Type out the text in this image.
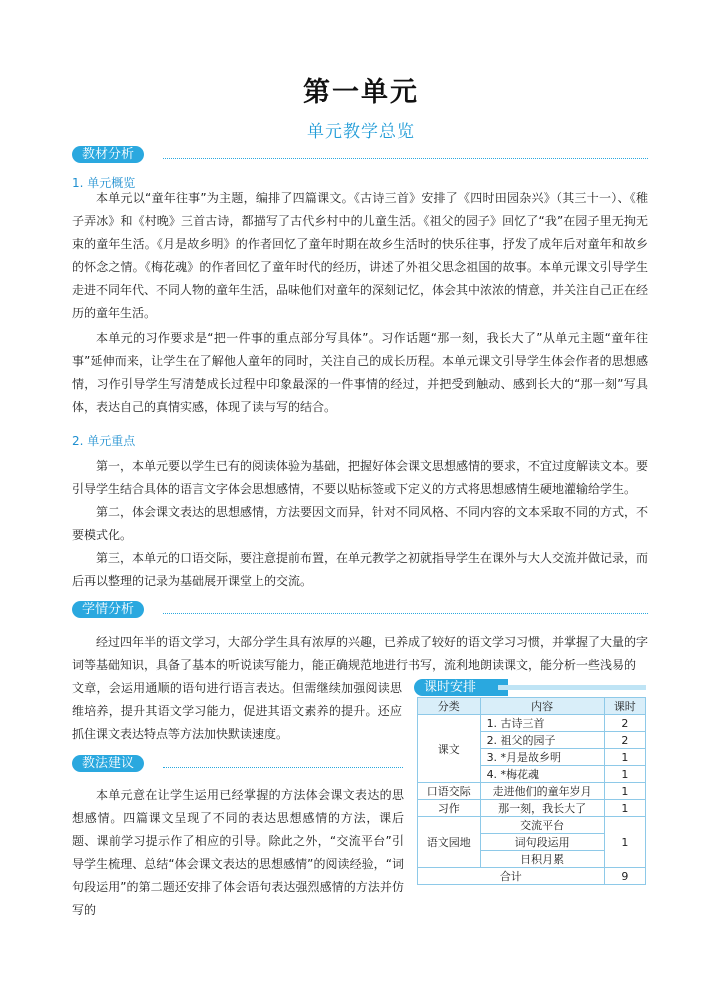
第一单元
单元教学总览
教材分析
1. 单元概览

本单元以“童年往事”为主题，编排了四篇课文。《古诗三首》安排了《四时田园杂兴》（其三十一）、《稚子弄冰》和《村晚》三首古诗，都描写了古代乡村中的儿童生活。《祖父的园子》回忆了“我”在园子里无拘无束的童年生活。《月是故乡明》的作者回忆了童年时期在故乡生活时的快乐往事，抒发了成年后对童年和故乡的怀念之情。《梅花魂》的作者回忆了童年时代的经历，讲述了外祖父思念祖国的故事。本单元课文引导学生走进不同年代、不同人物的童年生活，品味他们对童年的深刻记忆，体会其中浓浓的情意，并关注自己正在经历的童年生活。

本单元的习作要求是“把一件事的重点部分写具体”。习作话题“那一刻，我长大了”从单元主题“童年往事”延伸而来，让学生在了解他人童年的同时，关注自己的成长历程。本单元课文引导学生体会作者的思想感情，习作引导学生写清楚成长过程中印象最深的一件事情的经过，并把受到触动、感到长大的“那一刻”写具体，表达自己的真情实感，体现了读与写的结合。

2. 单元重点

第一，本单元要以学生已有的阅读体验为基础，把握好体会课文思想感情的要求，不宜过度解读文本。要引导学生结合具体的语言文字体会思想感情，不要以贴标签或下定义的方式将思想感情生硬地灌输给学生。

第二，体会课文表达的思想感情，方法要因文而异，针对不同风格、不同内容的文本采取不同的方式，不要模式化。

第三，本单元的口语交际，要注意提前布置，在单元教学之初就指导学生在课外与大人交流并做记录，而后再以整理的记录为基础展开课堂上的交流。

学情分析

经过四年半的语文学习，大部分学生具有浓厚的兴趣，已养成了较好的语文学习习惯，并掌握了大量的字词等基础知识，具备了基本的听说读写能力，能正确规范地进行书写，流利地朗读课文，能分析一些浅易的

文章，会运用通顺的语句进行语言表达。但需继续加强阅读思维培养，提升其语文学习能力，促进其语文素养的提升。还应抓住课文表达特点等方法加快默读速度。

教法建议

本单元意在让学生运用已经掌握的方法体会课文表达的思想感情。四篇课文呈现了不同的表达思想感情的方法，课后题、课前学习提示作了相应的引导。除此之外，“交流平台”引导学生梳理、总结“体会课文表达的思想感情”的阅读经验，“词句段运用”的第二题还安排了体会语句表达强烈感情的方法并仿写的

课时安排
分类	内容	课时
课文	1. 古诗三首	2
	2. 祖父的园子	2
	3. *月是故乡明	1
	4. *梅花魂	1
口语交际	走进他们的童年岁月	1
习作	那一刻，我长大了	1
语文园地	交流平台	1
	词句段运用	
	日积月累	
合计		9
